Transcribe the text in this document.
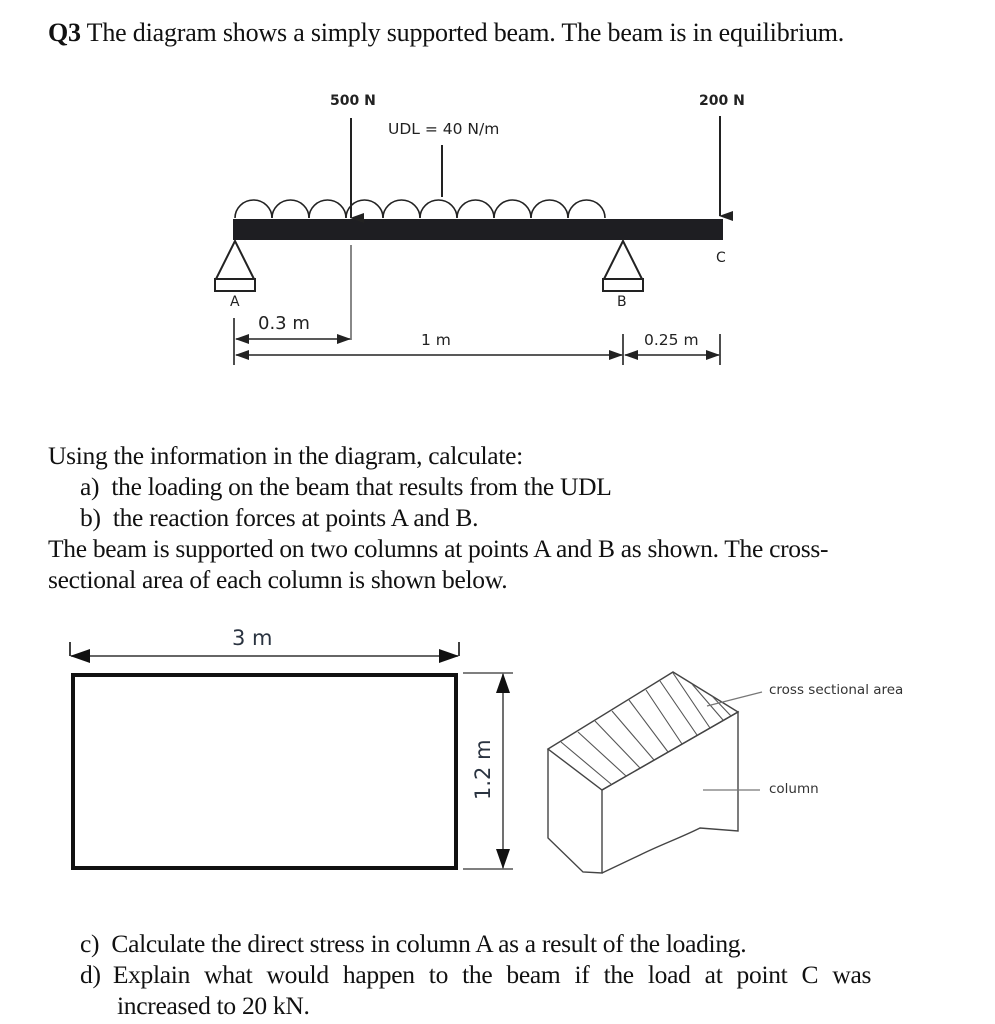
Q3 The diagram shows a simply supported beam. The beam is in equilibrium.
500 N	200 N
UDL = 40 N/m
A	B
C
0.3 m
1 m	0.25 m
Using the information in the diagram, calculate:
a) the loading on the beam that results from the UDL
b) the reaction forces at points A and B.
The beam is supported on two columns at points A and B as shown. The cross-
sectional area of each column is shown below.
3 m
1.2 m
cross sectional area
column
c) Calculate the direct stress in column A as a result of the loading.
d) Explain what would happen to the beam if the load at point C was
increased to 20 kN.
